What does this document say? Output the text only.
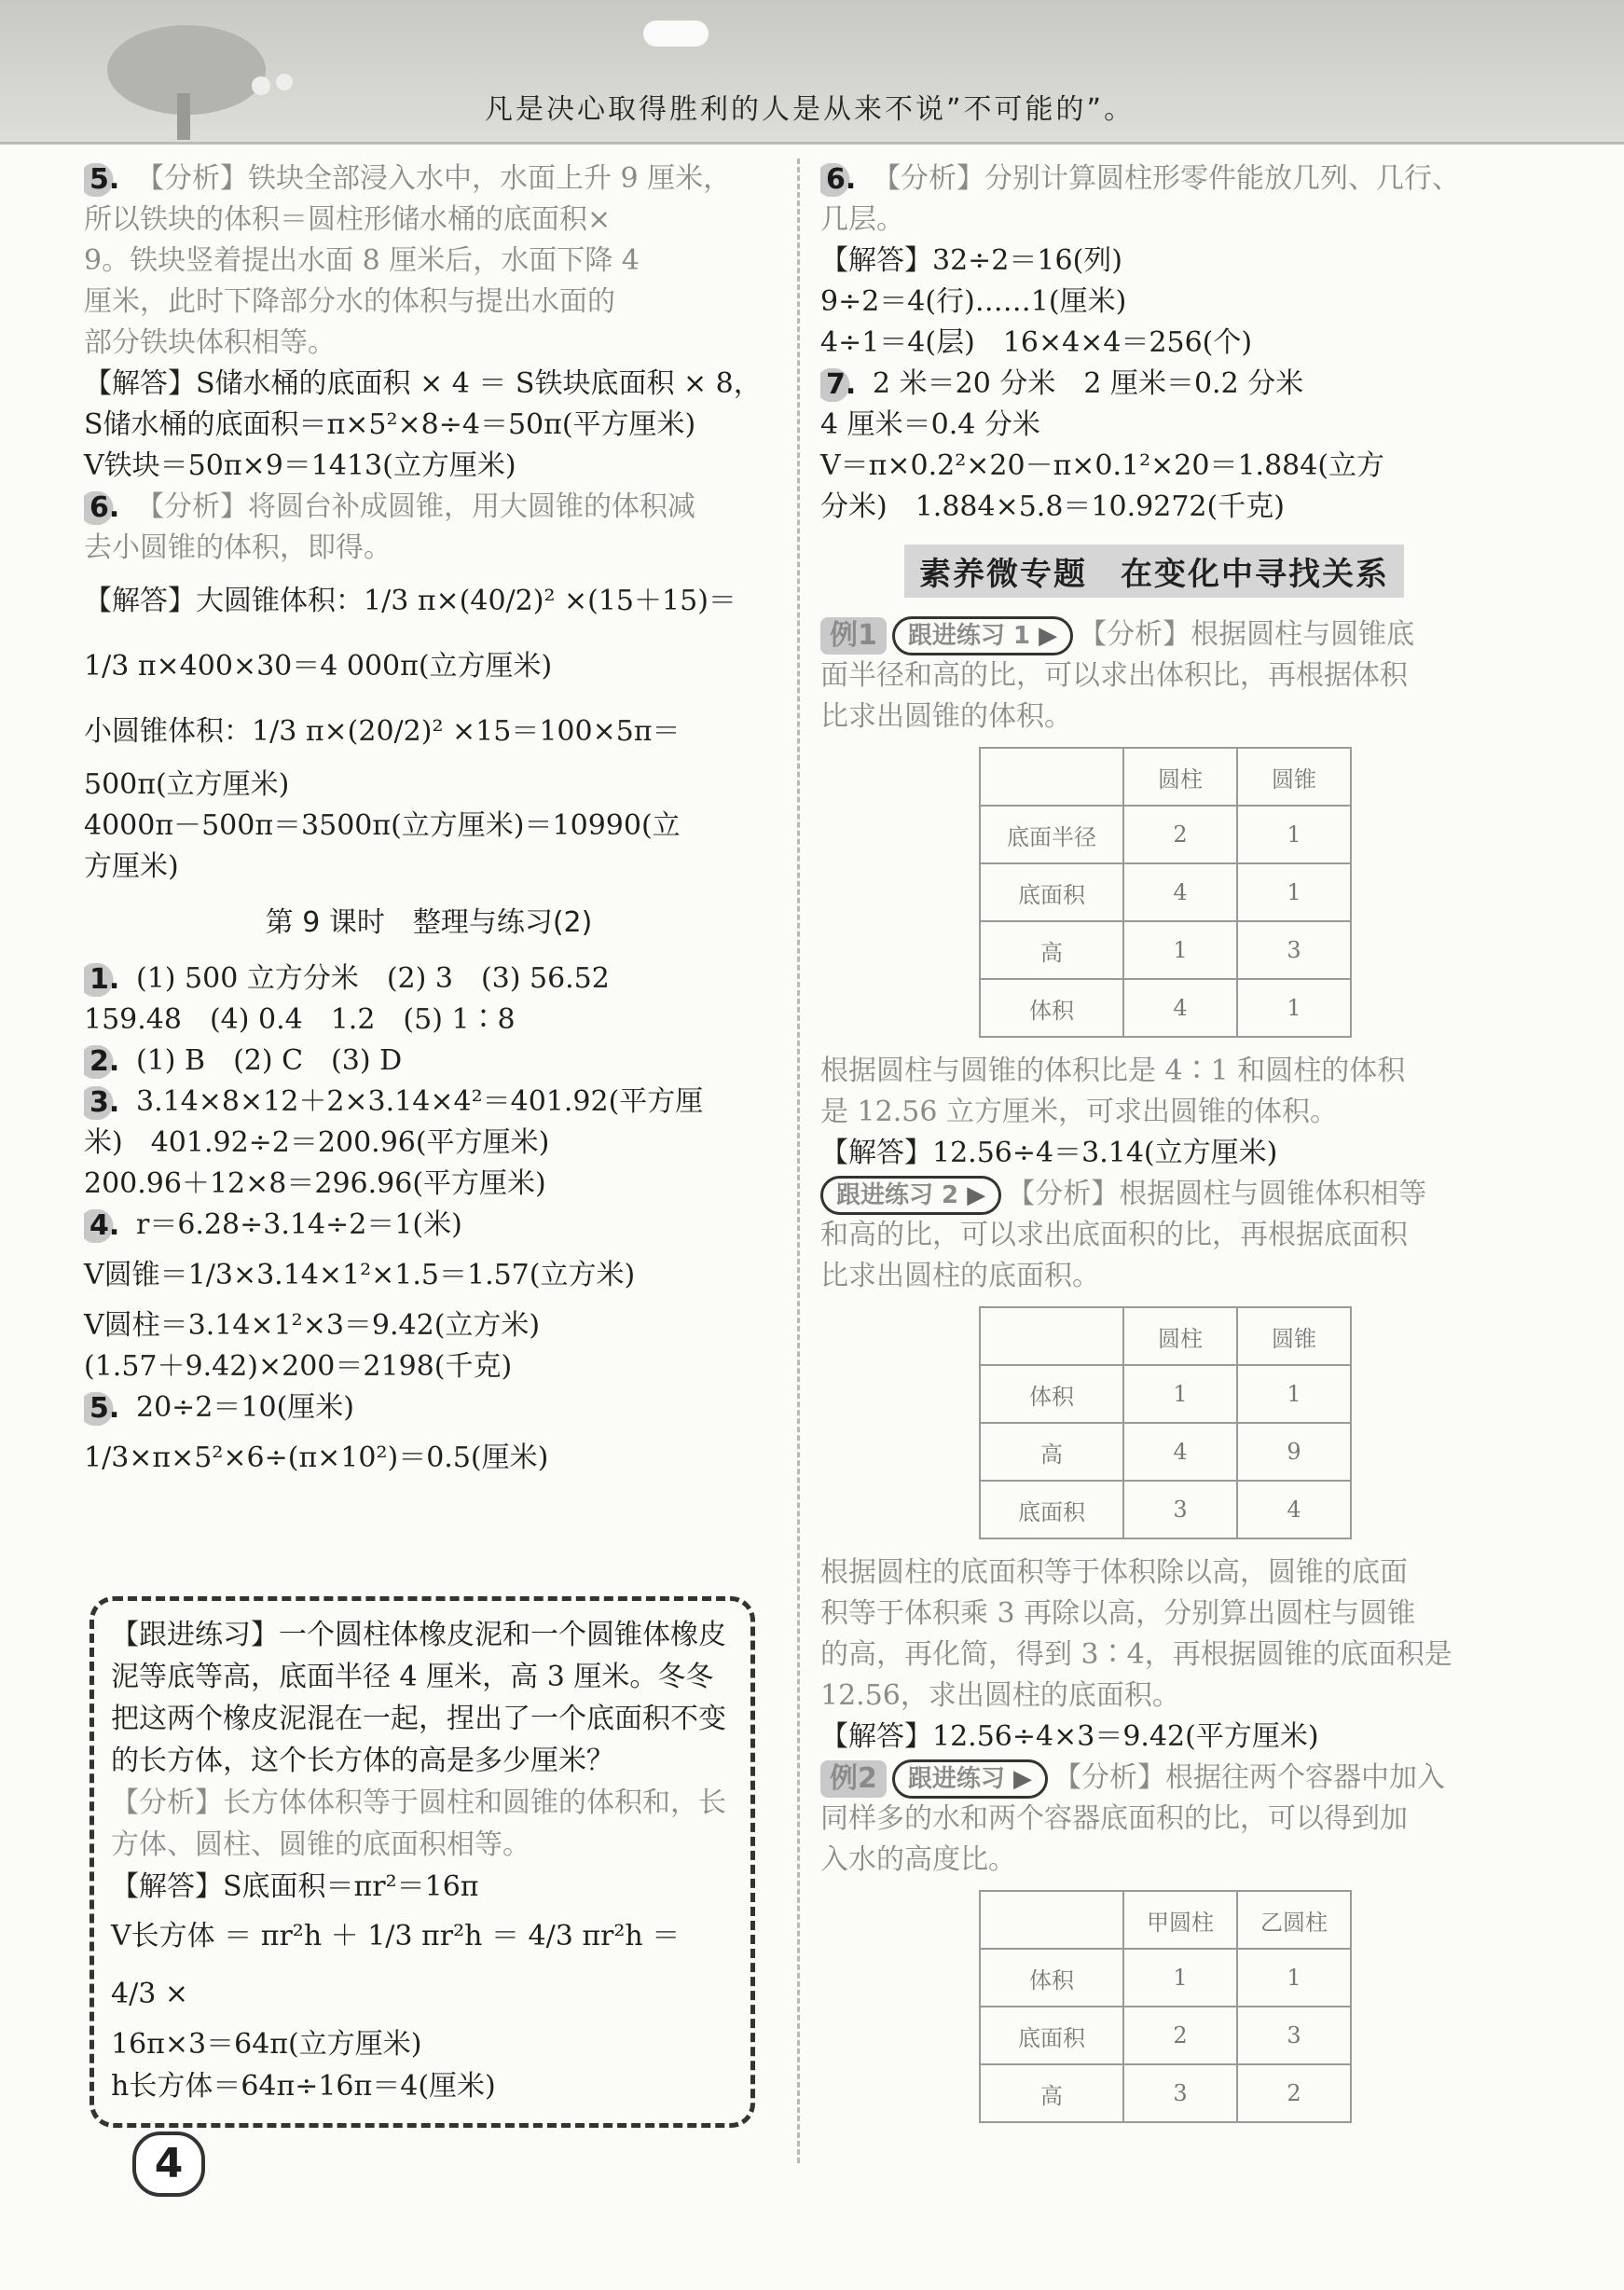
凡是决心取得胜利的人是从来不说”不可能的”。

5. 【分析】铁块全部浸入水中，水面上升 9 厘米，

所以铁块的体积＝圆柱形储水桶的底面积×

9。铁块竖着提出水面 8 厘米后，水面下降 4

厘米，此时下降部分水的体积与提出水面的

部分铁块体积相等。

【解答】S储水桶的底面积 × 4 ＝ S铁块底面积 × 8，

S储水桶的底面积＝π×5²×8÷4＝50π(平方厘米)

V铁块＝50π×9＝1413(立方厘米)

6. 【分析】将圆台补成圆锥，用大圆锥的体积减

去小圆锥的体积，即得。

【解答】大圆锥体积：1/3 π×(40/2)² ×(15＋15)＝

1/3 π×400×30＝4 000π(立方厘米)

小圆锥体积：1/3 π×(20/2)² ×15＝100×5π＝

500π(立方厘米)

4000π－500π＝3500π(立方厘米)＝10990(立

方厘米)

第 9 课时　整理与练习(2)

1. (1) 500 立方分米　(2) 3　(3) 56.52

159.48　(4) 0.4　1.2　(5) 1∶8

2. (1) B　(2) C　(3) D

3. 3.14×8×12＋2×3.14×4²＝401.92(平方厘

米)　401.92÷2＝200.96(平方厘米)

200.96＋12×8＝296.96(平方厘米)

4. r＝6.28÷3.14÷2＝1(米)

V圆锥＝1/3×3.14×1²×1.5＝1.57(立方米)

V圆柱＝3.14×1²×3＝9.42(立方米)

(1.57＋9.42)×200＝2198(千克)

5. 20÷2＝10(厘米)

1/3×π×5²×6÷(π×10²)＝0.5(厘米)

【跟进练习】一个圆柱体橡皮泥和一个圆锥体橡皮泥等底等高，底面半径 4 厘米，高 3 厘米。冬冬把这两个橡皮泥混在一起，捏出了一个底面积不变的长方体，这个长方体的高是多少厘米？

【分析】长方体体积等于圆柱和圆锥的体积和，长方体、圆柱、圆锥的底面积相等。

【解答】S底面积＝πr²＝16π

V长方体 ＝ πr²h ＋ 1/3 πr²h ＝ 4/3 πr²h ＝ 4/3 ×

16π×3＝64π(立方厘米)

h长方体＝64π÷16π＝4(厘米)

6. 【分析】分别计算圆柱形零件能放几列、几行、

几层。

【解答】32÷2＝16(列)

9÷2＝4(行)……1(厘米)

4÷1＝4(层)　16×4×4＝256(个)

7. 2 米＝20 分米　2 厘米＝0.2 分米

4 厘米＝0.4 分米

V＝π×0.2²×20－π×0.1²×20＝1.884(立方

分米)　1.884×5.8＝10.9272(千克)

素养微专题　在变化中寻找关系

例1 跟进练习 1 ▶ 【分析】根据圆柱与圆锥底

面半径和高的比，可以求出体积比，再根据体积

比求出圆锥的体积。

	圆柱	圆锥
底面半径	2	1
底面积	4	1
高	1	3
体积	4	1

根据圆柱与圆锥的体积比是 4∶1 和圆柱的体积

是 12.56 立方厘米，可求出圆锥的体积。

【解答】12.56÷4＝3.14(立方厘米)

跟进练习 2 ▶ 【分析】根据圆柱与圆锥体积相等

和高的比，可以求出底面积的比，再根据底面积

比求出圆柱的底面积。

	圆柱	圆锥
体积	1	1
高	4	9
底面积	3	4

根据圆柱的底面积等于体积除以高，圆锥的底面

积等于体积乘 3 再除以高，分别算出圆柱与圆锥

的高，再化简，得到 3∶4，再根据圆锥的底面积是

12.56，求出圆柱的底面积。

【解答】12.56÷4×3＝9.42(平方厘米)

例2 跟进练习 ▶ 【分析】根据往两个容器中加入

同样多的水和两个容器底面积的比，可以得到加

入水的高度比。

	甲圆柱	乙圆柱
体积	1	1
底面积	2	3
高	3	2
4
